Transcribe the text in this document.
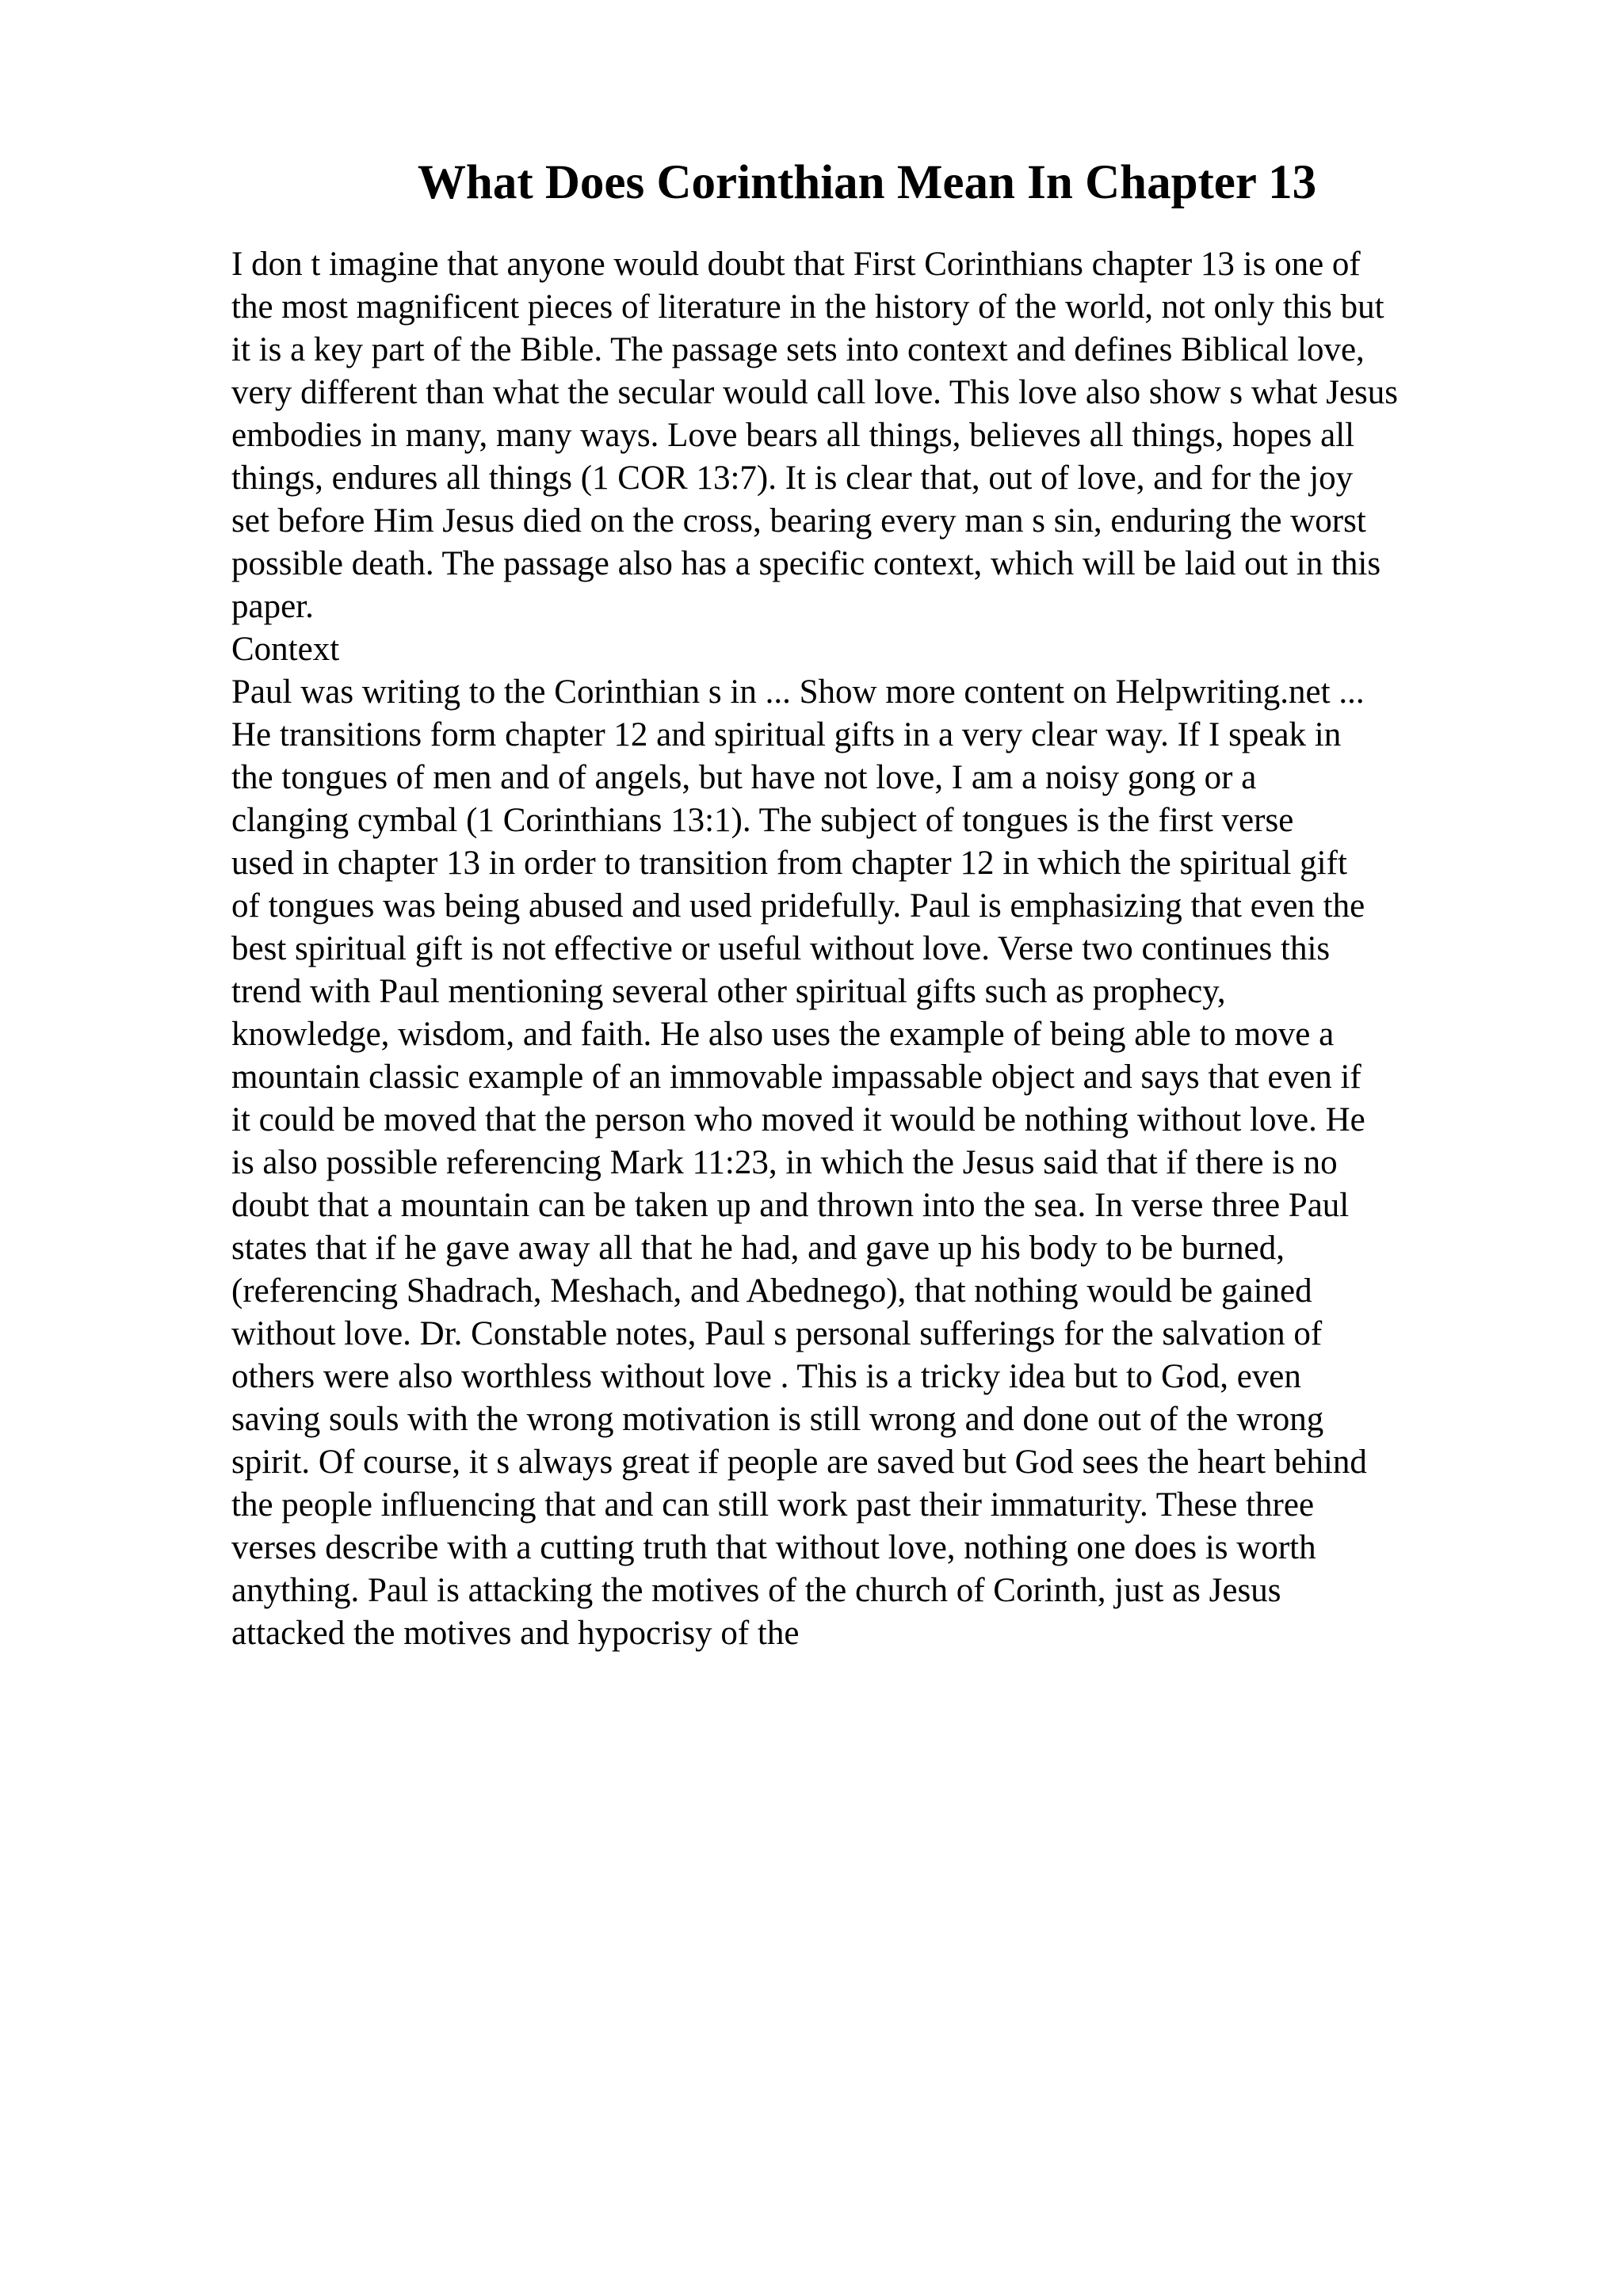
What Does Corinthian Mean In Chapter 13
I don t imagine that anyone would doubt that First Corinthians chapter 13 is one of
the most magnificent pieces of literature in the history of the world, not only this but
it is a key part of the Bible. The passage sets into context and defines Biblical love,
very different than what the secular would call love. This love also show s what Jesus
embodies in many, many ways. Love bears all things, believes all things, hopes all
things, endures all things (1 COR 13:7). It is clear that, out of love, and for the joy
set before Him Jesus died on the cross, bearing every man s sin, enduring the worst
possible death. The passage also has a specific context, which will be laid out in this
paper.
Context
Paul was writing to the Corinthian s in ... Show more content on Helpwriting.net ...
He transitions form chapter 12 and spiritual gifts in a very clear way. If I speak in
the tongues of men and of angels, but have not love, I am a noisy gong or a
clanging cymbal (1 Corinthians 13:1). The subject of tongues is the first verse
used in chapter 13 in order to transition from chapter 12 in which the spiritual gift
of tongues was being abused and used pridefully. Paul is emphasizing that even the
best spiritual gift is not effective or useful without love. Verse two continues this
trend with Paul mentioning several other spiritual gifts such as prophecy,
knowledge, wisdom, and faith. He also uses the example of being able to move a
mountain classic example of an immovable impassable object and says that even if
it could be moved that the person who moved it would be nothing without love. He
is also possible referencing Mark 11:23, in which the Jesus said that if there is no
doubt that a mountain can be taken up and thrown into the sea. In verse three Paul
states that if he gave away all that he had, and gave up his body to be burned,
(referencing Shadrach, Meshach, and Abednego), that nothing would be gained
without love. Dr. Constable notes, Paul s personal sufferings for the salvation of
others were also worthless without love . This is a tricky idea but to God, even
saving souls with the wrong motivation is still wrong and done out of the wrong
spirit. Of course, it s always great if people are saved but God sees the heart behind
the people influencing that and can still work past their immaturity. These three
verses describe with a cutting truth that without love, nothing one does is worth
anything. Paul is attacking the motives of the church of Corinth, just as Jesus
attacked the motives and hypocrisy of the
